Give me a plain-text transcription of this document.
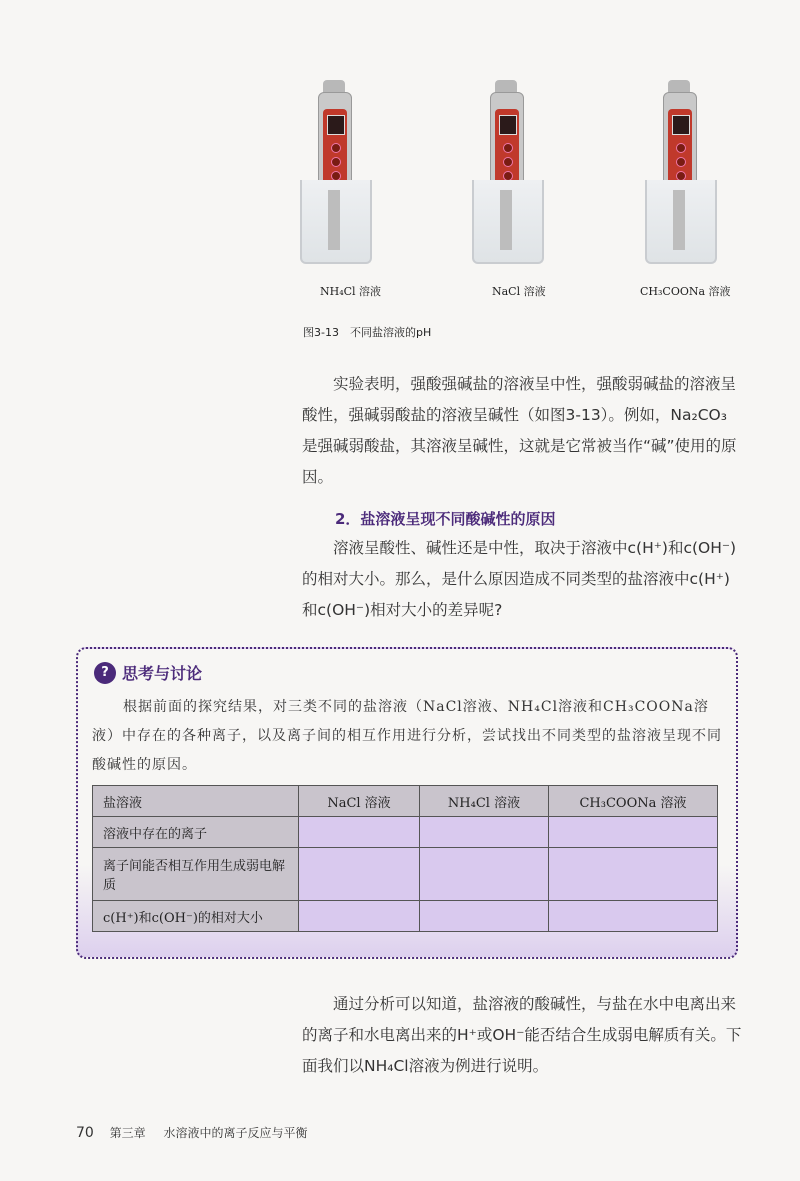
NH₄Cl 溶液	NaCl 溶液	CH₃COONa 溶液
图3-13　不同盐溶液的pH
实验表明，强酸强碱盐的溶液呈中性，强酸弱碱盐的溶液呈酸性，强碱弱酸盐的溶液呈碱性（如图3-13）。例如，Na₂CO₃是强碱弱酸盐，其溶液呈碱性，这就是它常被当作“碱”使用的原因。
2．盐溶液呈现不同酸碱性的原因
溶液呈酸性、碱性还是中性，取决于溶液中c(H⁺)和c(OH⁻)的相对大小。那么，是什么原因造成不同类型的盐溶液中c(H⁺)和c(OH⁻)相对大小的差异呢?
? 思考与讨论
根据前面的探究结果，对三类不同的盐溶液（NaCl溶液、NH₄Cl溶液和CH₃COONa溶液）中存在的各种离子，以及离子间的相互作用进行分析，尝试找出不同类型的盐溶液呈现不同酸碱性的原因。
盐溶液	NaCl 溶液	NH₄Cl 溶液	CH₃COONa 溶液
溶液中存在的离子			
离子间能否相互作用生成弱电解质			
c(H⁺)和c(OH⁻)的相对大小			
通过分析可以知道，盐溶液的酸碱性，与盐在水中电离出来的离子和水电离出来的H⁺或OH⁻能否结合生成弱电解质有关。下面我们以NH₄Cl溶液为例进行说明。
70 第三章 水溶液中的离子反应与平衡
